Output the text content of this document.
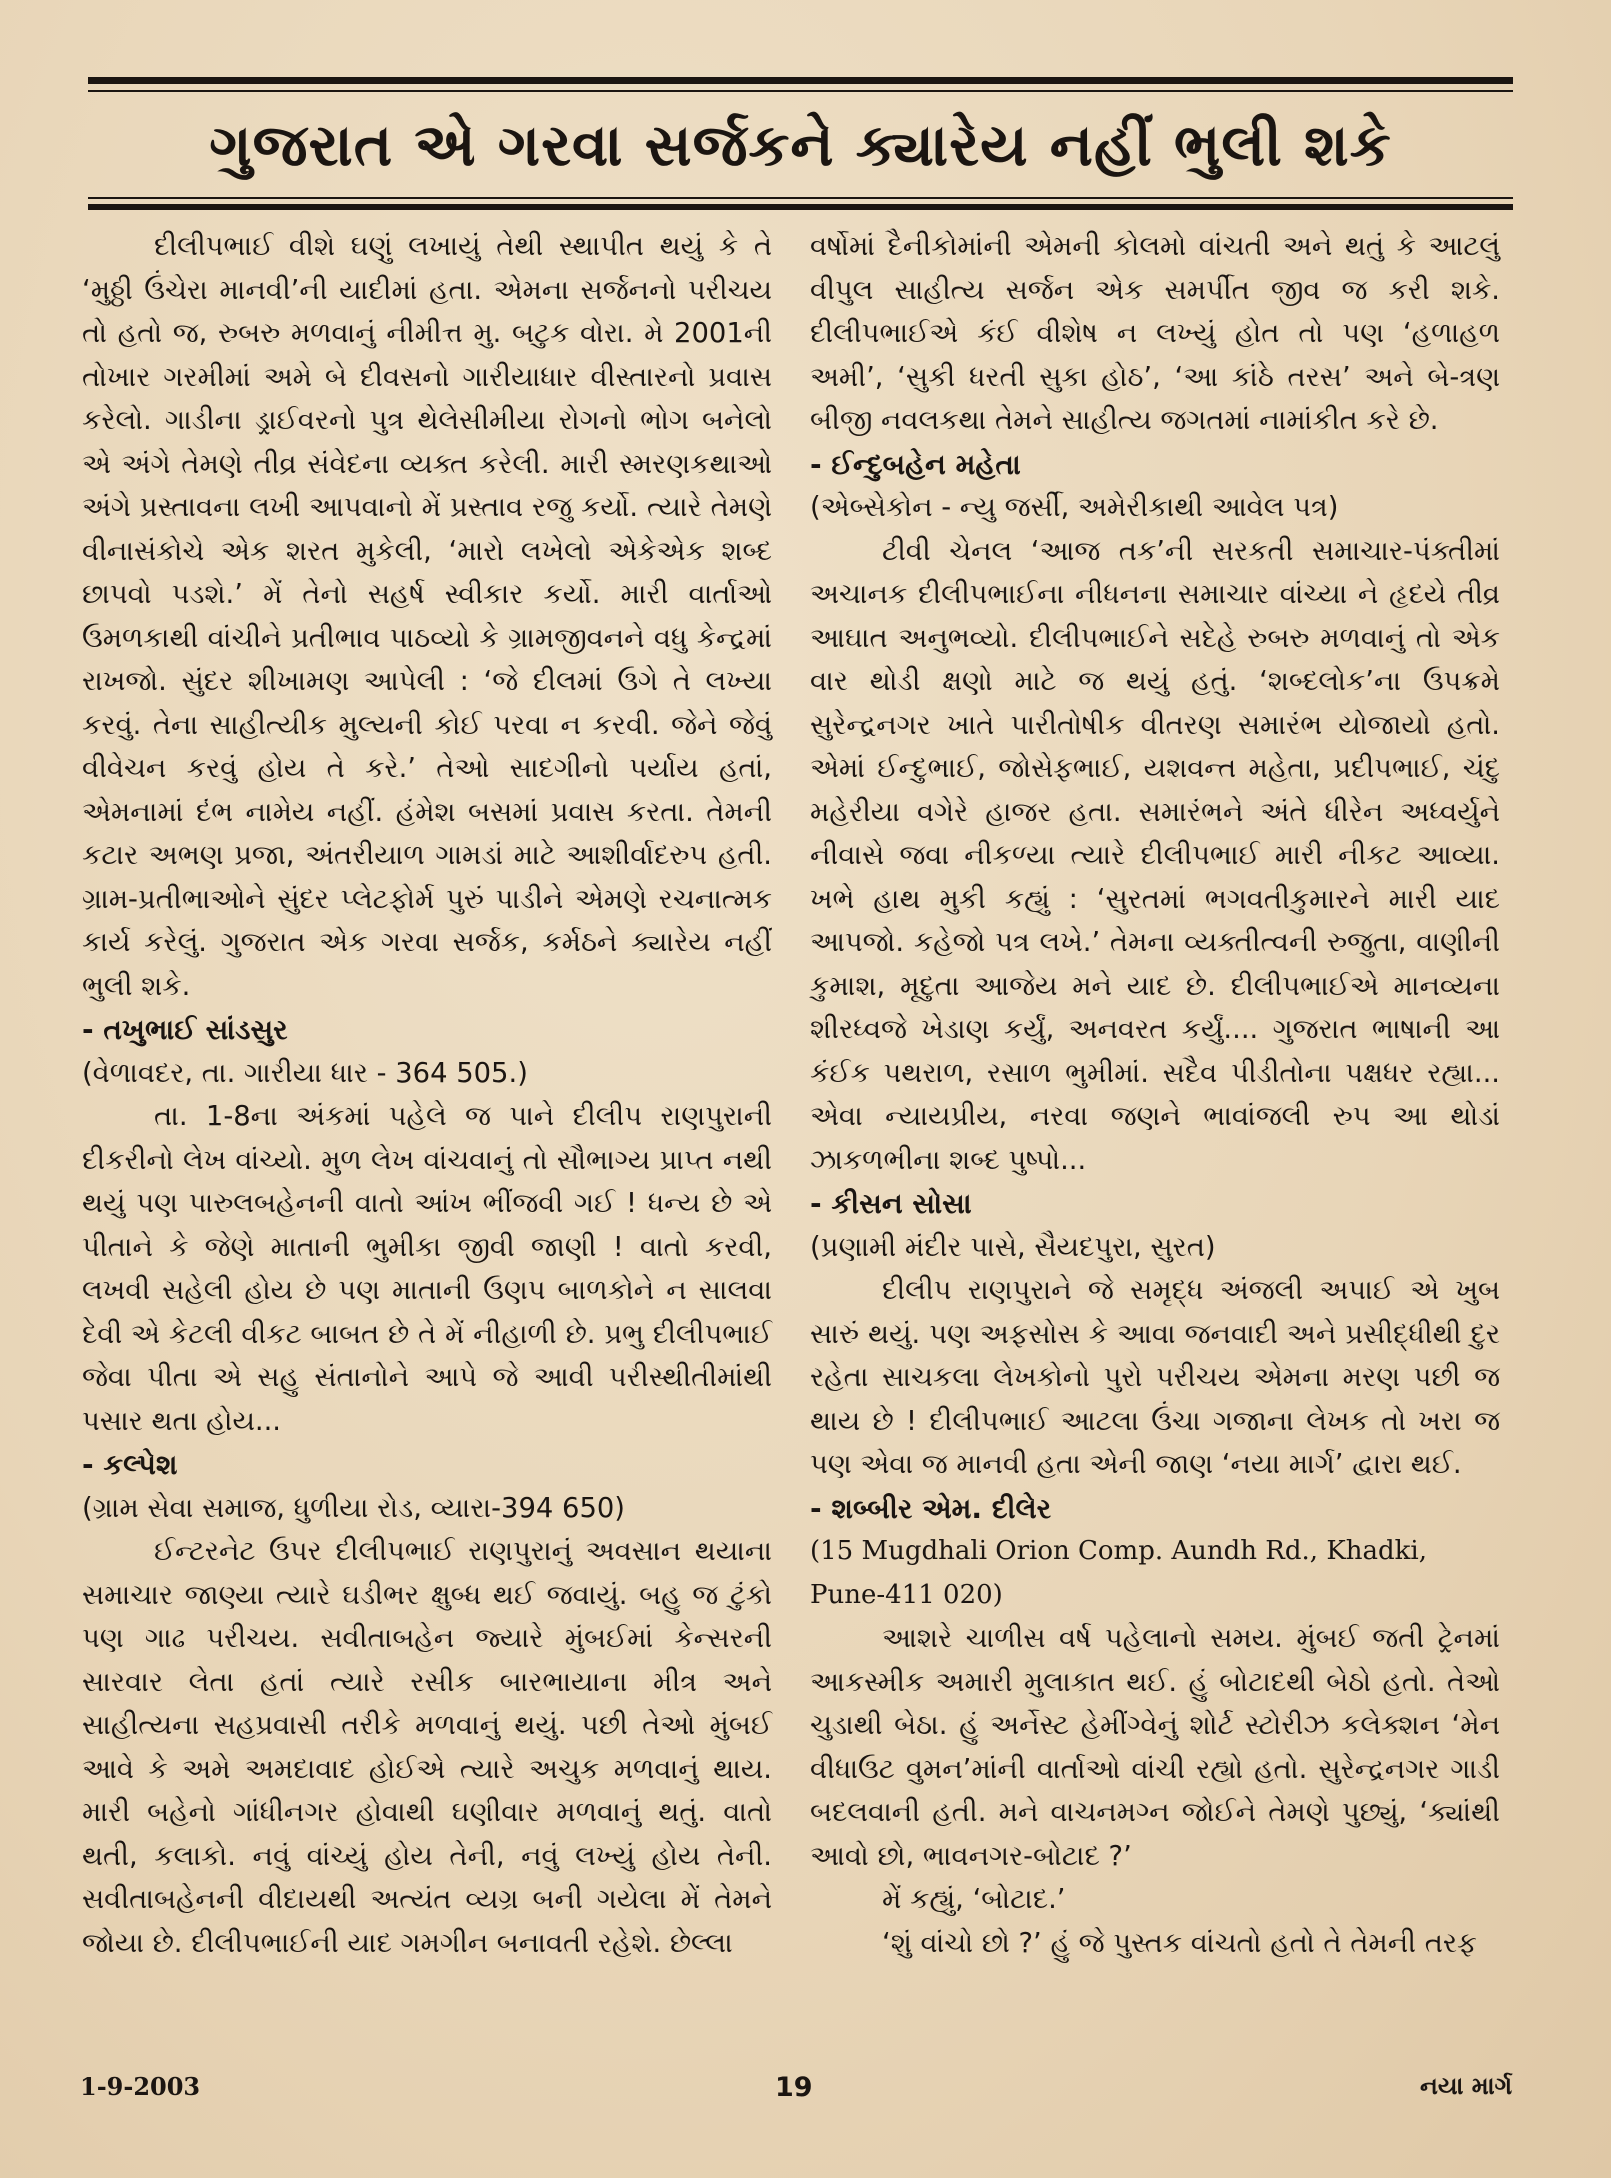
ગુજરાત એ ગરવા સર્જકને ક્યારેય નહીં ભુલી શકે

દીલીપભાઈ વીશે ઘણું લખાયું તેથી સ્થાપીત થયું કે તે ‘મુઠ્ઠી ઉંચેરા માનવી’ની યાદીમાં હતા. એમના સર્જનનો પરીચય તો હતો જ, રુબરુ મળવાનું નીમીત્ત મુ. બટુક વોરા. મે 2001ની તોખાર ગરમીમાં અમે બે દીવસનો ગારીયાધાર વીસ્તારનો પ્રવાસ કરેલો. ગાડીના ડ્રાઈવરનો પુત્ર થેલેસીમીયા રોગનો ભોગ બનેલો એ અંગે તેમણે તીવ્ર સંવેદના વ્યક્ત કરેલી. મારી સ્મરણકથાઓ અંગે પ્રસ્તાવના લખી આપવાનો મેં પ્રસ્તાવ રજુ કર્યો. ત્યારે તેમણે વીનાસંકોચે એક શરત મુકેલી, ‘મારો લખેલો એકેએક શબ્દ છાપવો પડશે.’ મેં તેનો સહર્ષ સ્વીકાર કર્યો. મારી વાર્તાઓ ઉમળકાથી વાંચીને પ્રતીભાવ પાઠવ્યો કે ગ્રામજીવનને વધુ કેન્દ્રમાં રાખજો. સુંદર શીખામણ આપેલી : ‘જે દીલમાં ઉગે તે લખ્યા કરવું. તેના સાહીત્યીક મુલ્યની કોઈ પરવા ન કરવી. જેને જેવું વીવેચન કરવું હોય તે કરે.’ તેઓ સાદગીનો પર્યાય હતાં, એમનામાં દંભ નામેય નહીં. હંમેશ બસમાં પ્રવાસ કરતા. તેમની કટાર અભણ પ્રજા, અંતરીયાળ ગામડાં માટે આશીર્વાદરુપ હતી. ગ્રામ-પ્રતીભાઓને સુંદર પ્લેટફોર્મ પુરું પાડીને એમણે રચનાત્મક કાર્ય કરેલું. ગુજરાત એક ગરવા સર્જક, કર્મઠને ક્યારેય નહીં ભુલી શકે.

- તખુભાઈ સાંડસુર

(વેળાવદર, તા. ગારીયા ધાર - 364 505.)

તા. 1-8ના અંકમાં પહેલે જ પાને દીલીપ રાણપુરાની દીકરીનો લેખ વાંચ્યો. મુળ લેખ વાંચવાનું તો સૌભાગ્ય પ્રાપ્ત નથી થયું પણ પારુલબહેનની વાતો આંખ ભીંજવી ગઈ ! ધન્ય છે એ પીતાને કે જેણે માતાની ભુમીકા જીવી જાણી ! વાતો કરવી, લખવી સહેલી હોય છે પણ માતાની ઉણપ બાળકોને ન સાલવા દેવી એ કેટલી વીકટ બાબત છે તે મેં નીહાળી છે. પ્રભુ દીલીપભાઈ જેવા પીતા એ સહુ સંતાનોને આપે જે આવી પરીસ્થીતીમાંથી પસાર થતા હોય...

- કલ્પેશ

(ગ્રામ સેવા સમાજ, ધુળીયા રોડ, વ્યારા-394 650)

ઈન્ટરનેટ ઉપર દીલીપભાઈ રાણપુરાનું અવસાન થયાના સમાચાર જાણ્યા ત્યારે ઘડીભર ક્ષુબ્ધ થઈ જવાયું. બહુ જ ટુંકો પણ ગાઢ પરીચય. સવીતાબહેન જ્યારે મુંબઈમાં કેન્સરની સારવાર લેતા હતાં ત્યારે રસીક બારભાયાના મીત્ર અને સાહીત્યના સહપ્રવાસી તરીકે મળવાનું થયું. પછી તેઓ મુંબઈ આવે કે અમે અમદાવાદ હોઈએ ત્યારે અચુક મળવાનું થાય. મારી બહેનો ગાંધીનગર હોવાથી ઘણીવાર મળવાનું થતું. વાતો થતી, કલાકો. નવું વાંચ્યું હોય તેની, નવું લખ્યું હોય તેની. સવીતાબહેનની વીદાયથી અત્યંત વ્યગ્ર બની ગયેલા મેં તેમને જોયા છે. દીલીપભાઈની યાદ ગમગીન બનાવતી રહેશે. છેલ્લા

વર્ષોમાં દૈનીકોમાંની એમની કોલમો વાંચતી અને થતું કે આટલું વીપુલ સાહીત્ય સર્જન એક સમર્પીત જીવ જ કરી શકે. દીલીપભાઈએ કંઈ વીશેષ ન લખ્યું હોત તો પણ ‘હળાહળ અમી’, ‘સુકી ધરતી સુકા હોઠ’, ‘આ કાંઠે તરસ’ અને બે-ત્રણ બીજી નવલકથા તેમને સાહીત્ય જગતમાં નામાંકીત કરે છે.

- ઈન્દુબહેન મહેતા

(એબ્સેકોન - ન્યુ જર્સી, અમેરીકાથી આવેલ પત્ર)

ટીવી ચેનલ ‘આજ તક’ની સરકતી સમાચાર-પંક્તીમાં અચાનક દીલીપભાઈના નીધનના સમાચાર વાંચ્યા ને હૃદયે તીવ્ર આઘાત અનુભવ્યો. દીલીપભાઈને સદેહે રુબરુ મળવાનું તો એક વાર થોડી ક્ષણો માટે જ થયું હતું. ‘શબ્દલોક’ના ઉપક્રમે સુરેન્દ્રનગર ખાતે પારીતોષીક વીતરણ સમારંભ યોજાયો હતો. એમાં ઈન્દુભાઈ, જોસેફભાઈ, યશવન્ત મહેતા, પ્રદીપભાઈ, ચંદુ મહેરીયા વગેરે હાજર હતા. સમારંભને અંતે ધીરેન અધ્વર્યુને નીવાસે જવા નીકળ્યા ત્યારે દીલીપભાઈ મારી નીકટ આવ્યા. ખભે હાથ મુકી કહ્યું : ‘સુરતમાં ભગવતીકુમારને મારી યાદ આપજો. કહેજો પત્ર લખે.’ તેમના વ્યક્તીત્વની રુજુતા, વાણીની કુમાશ, મૃદુતા આજેય મને યાદ છે. દીલીપભાઈએ માનવ્યના શીરધ્વજે ખેડાણ કર્યું, અનવરત કર્યું.... ગુજરાત ભાષાની આ કંઈક પથરાળ, રસાળ ભુમીમાં. સદૈવ પીડીતોના પક્ષધર રહ્યા... એવા ન્યાયપ્રીય, નરવા જણને ભાવાંજલી રુપ આ થોડાં ઝાકળભીના શબ્દ પુષ્પો...

- કીસન સોસા

(પ્રણામી મંદીર પાસે, સૈયદપુરા, સુરત)

દીલીપ રાણપુરાને જે સમૃદ્ધ અંજલી અપાઈ એ ખુબ સારું થયું. પણ અફસોસ કે આવા જનવાદી અને પ્રસીદ્ધીથી દુર રહેતા સાચકલા લેખકોનો પુરો પરીચય એમના મરણ પછી જ થાય છે ! દીલીપભાઈ આટલા ઉંચા ગજાના લેખક તો ખરા જ પણ એવા જ માનવી હતા એની જાણ ‘નયા માર્ગ’ દ્વારા થઈ.

- શબ્બીર એમ. દીલેર

(15 Mugdhali Orion Comp. Aundh Rd., Khadki,

Pune-411 020)

આશરે ચાળીસ વર્ષ પહેલાનો સમય. મુંબઈ જતી ટ્રેનમાં આકસ્મીક અમારી મુલાકાત થઈ. હું બોટાદથી બેઠો હતો. તેઓ ચુડાથી બેઠા. હું અર્નેસ્ટ હેમીંગ્વેનું શોર્ટ સ્ટોરીઝ કલેક્શન ‘મેન વીધાઉટ વુમન’માંની વાર્તાઓ વાંચી રહ્યો હતો. સુરેન્દ્રનગર ગાડી બદલવાની હતી. મને વાચનમગ્ન જોઈને તેમણે પુછ્યું, ‘ક્યાંથી આવો છો, ભાવનગર-બોટાદ ?’

મેં કહ્યું, ‘બોટાદ.’

‘શું વાંચો છો ?’ હું જે પુસ્તક વાંચતો હતો તે તેમની તરફ

1-9-2003	19	નયા માર્ગ
